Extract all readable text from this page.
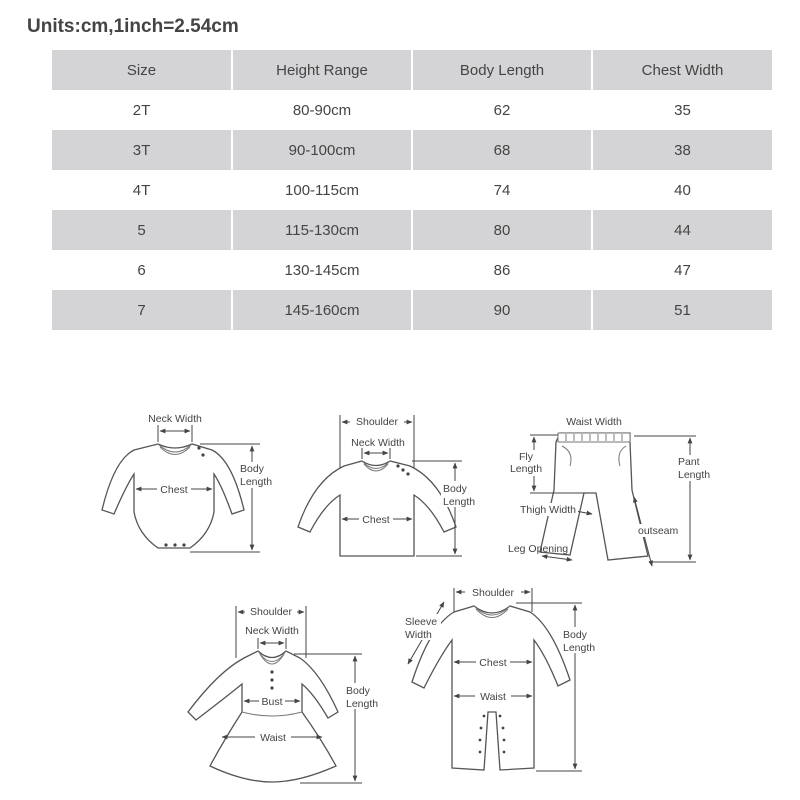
Units:cm,1inch=2.54cm
Size	Height Range	Body Length	Chest Width
2T	80-90cm	62	35
3T	90-100cm	68	38
4T	100-115cm	74	40
5	115-130cm	80	44
6	130-145cm	86	47
7	145-160cm	90	51
Neck Width
Chest
Body
Length
Shoulder
Neck Width
Chest
Body
Length
Waist Width
Fly
Length
Thigh Width
Leg Opening
outseam
Pant
Length
Shoulder
Neck Width
Bust
Waist
Body
Length
Shoulder
Sleeve
Width
Chest
Waist
Body
Length
